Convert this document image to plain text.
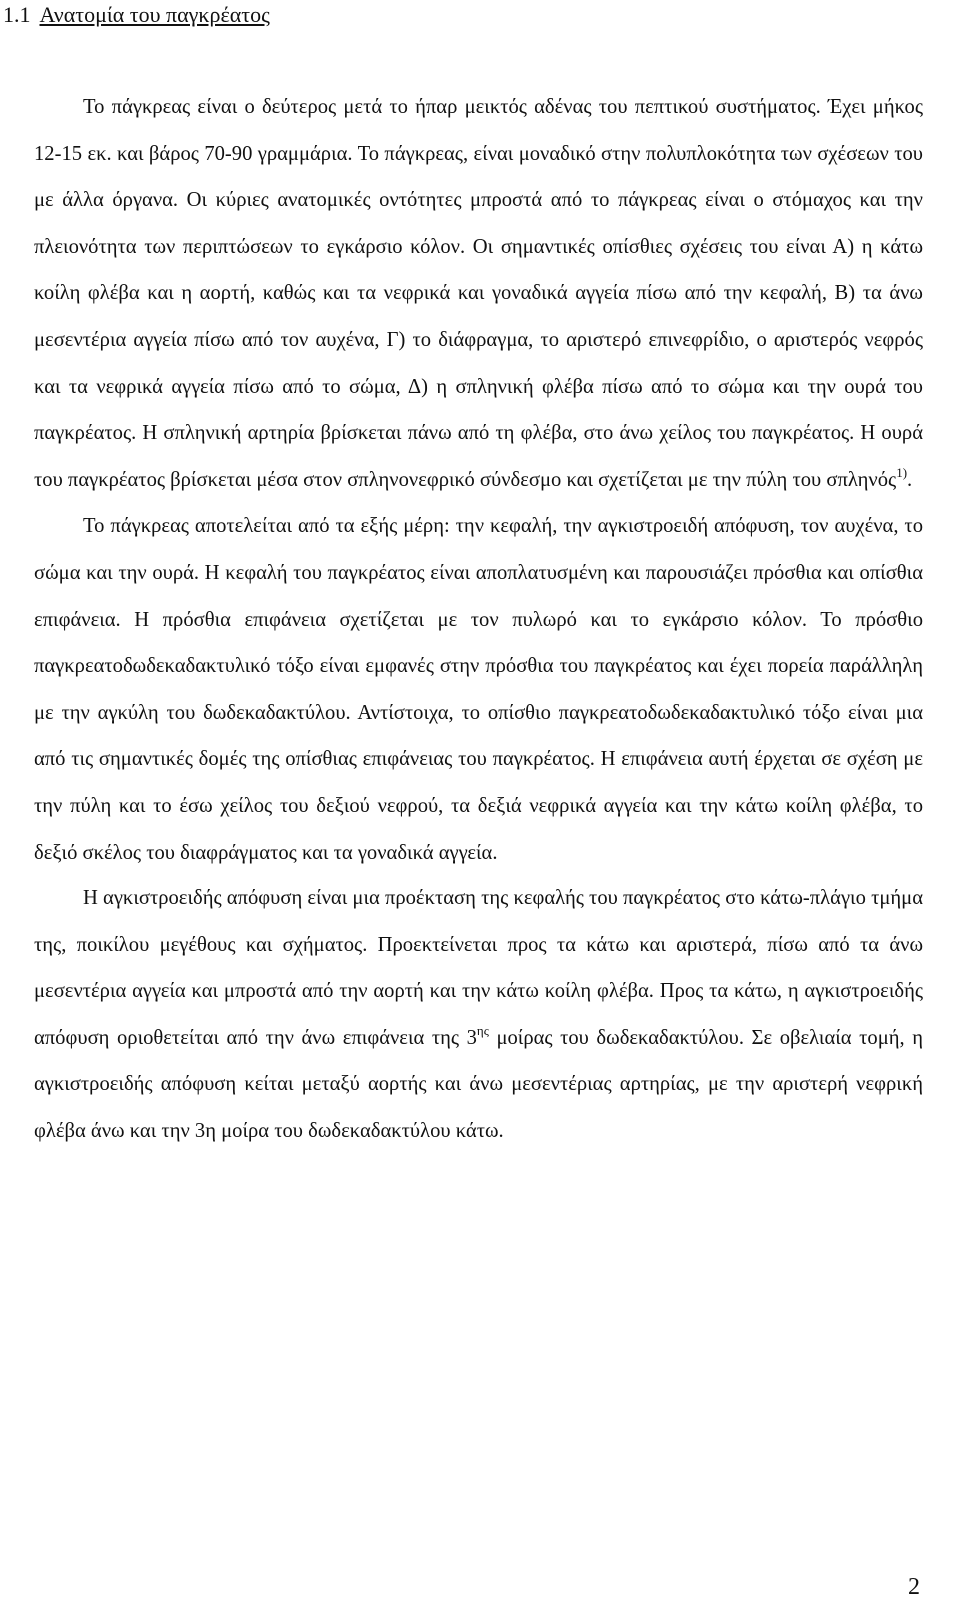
1.1 Ανατομία του παγκρέατος

Το πάγκρεας είναι ο δεύτερος μετά το ήπαρ μεικτός αδένας του πεπτικού συστήματος. Έχει μήκος 12-15 εκ. και βάρος 70-90 γραμμάρια. Το πάγκρεας, είναι μοναδικό στην πολυπλοκότητα των σχέσεων του με άλλα όργανα. Οι κύριες ανατομικές οντότητες μπροστά από το πάγκρεας είναι ο στόμαχος και την πλειονότητα των περιπτώσεων το εγκάρσιο κόλον. Οι σημαντικές οπίσθιες σχέσεις του είναι Α) η κάτω κοίλη φλέβα και η αορτή, καθώς και τα νεφρικά και γοναδικά αγγεία πίσω από την κεφαλή, Β) τα άνω μεσεντέρια αγγεία πίσω από τον αυχένα, Γ) το διάφραγμα, το αριστερό επινεφρίδιο, ο αριστερός νεφρός και τα νεφρικά αγγεία πίσω από το σώμα, Δ) η σπληνική φλέβα πίσω από το σώμα και την ουρά του παγκρέατος. Η σπληνική αρτηρία βρίσκεται πάνω από τη φλέβα, στο άνω χείλος του παγκρέατος. Η ουρά του παγκρέατος βρίσκεται μέσα στον σπληνονεφρικό σύνδεσμο και σχετίζεται με την πύλη του σπληνός$^{1)}$.

Το πάγκρεας αποτελείται από τα εξής μέρη: την κεφαλή, την αγκιστροειδή απόφυση, τον αυχένα, το σώμα και την ουρά. Η κεφαλή του παγκρέατος είναι αποπλατυσμένη και παρουσιάζει πρόσθια και οπίσθια επιφάνεια. Η πρόσθια επιφάνεια σχετίζεται με τον πυλωρό και το εγκάρσιο κόλον. Το πρόσθιο παγκρεατοδωδεκαδακτυλικό τόξο είναι εμφανές στην πρόσθια του παγκρέατος και έχει πορεία παράλληλη με την αγκύλη του δωδεκαδακτύλου. Αντίστοιχα, το οπίσθιο παγκρεατοδωδεκαδακτυλικό τόξο είναι μια από τις σημαντικές δομές της οπίσθιας επιφάνειας του παγκρέατος. Η επιφάνεια αυτή έρχεται σε σχέση με την πύλη και το έσω χείλος του δεξιού νεφρού, τα δεξιά νεφρικά αγγεία και την κάτω κοίλη φλέβα, το δεξιό σκέλος του διαφράγματος και τα γοναδικά αγγεία.

Η αγκιστροειδής απόφυση είναι μια προέκταση της κεφαλής του παγκρέατος στο κάτω-πλάγιο τμήμα της, ποικίλου μεγέθους και σχήματος. Προεκτείνεται προς τα κάτω και αριστερά, πίσω από τα άνω μεσεντέρια αγγεία και μπροστά από την αορτή και την κάτω κοίλη φλέβα. Προς τα κάτω, η αγκιστροειδής απόφυση οριοθετείται από την άνω επιφάνεια της $3^{\eta\varsigma}$ μοίρας του δωδεκαδακτύλου. Σε οβελιαία τομή, η αγκιστροειδής απόφυση κείται μεταξύ αορτής και άνω μεσεντέριας αρτηρίας, με την αριστερή νεφρική φλέβα άνω και την 3η μοίρα του δωδεκαδακτύλου κάτω.

2
